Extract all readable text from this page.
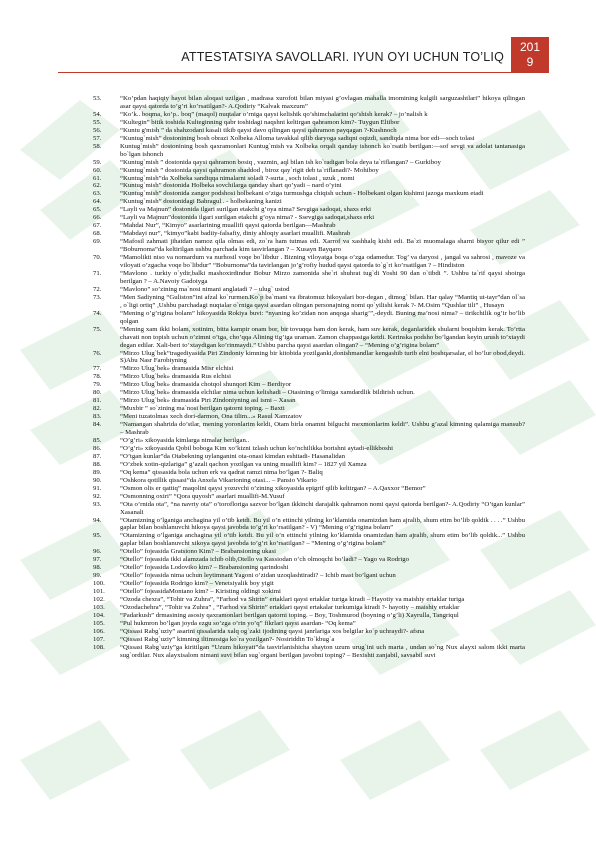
ATTESTATSIYA SAVOLLARI. IYUN OYI UCHUN TO’LIQ
201
9
53.	“Ko’pdan haqiqiy hayot bilan aloqasi uzilgan , madrasa xurofoti bilan miyasi g’ovlagan mahalla imomining kulgili sarguzashtlari” hikoya qilingan asar qaysi qatorda to’g’ri ko’rsatilgan?- A.Qodiriy “Kalvak maxzum”
54.	“Ko’k.. boqma, ko’p.. boq” (maqol) nuqtalar o’rniga qaysi kelishik qo’shimchalarini qo’shish kerak? – jo’nalish k
55.	“Kultegin” bitik toshida Kulteginning qabr toshidagi naqshni keltirgan qahramon kim?- Tuygun Eltibor
56.	“Kuntu g'mish ” da shahzodani kasali tikib qaysi davo qilingan qaysi qahramon payqagan ?-Kushnoch
57.	“Kuntug`mish” dostonining bosh obrazi Xolbeka Alloma tavakkal qilib daryoga sadiqni oqizdi, sandiqda nima bor edi—soch tolasi
58.	Kuntug`mish” dostonining bosh qaxramonlari Kuntug`mish va Xolbeka orqali qanday ishonch ko`rsatib berilgan:—sof sevgi va adolat tantanasiga bo`lgan ishonch
59.	“Kuntug`mish ” dostonida qaysi qahramon bosiq , vazmin, aql bilan ish ko`radigan bola deya ta`riflangan? – Gurkiboy
60.	“Kuntug`mish ” dostonida qaysi qahramon shaddod , biroz qay`rigit deb ta`riflanadi?- Mohiboy
61.	“Kuntug`mish”da Xolbeka sandiqqa nimalarni soladi ?-surta , soch tolasi , uzuk , nomi
62.	“Kuntug`mish” dostonida Holbeka sovchilarga qanday shart qo’yadi – nard o’yini
63.	“Kuntug`mish” dostonida zangor podshosi holbekani o’ziga turmushga chiqish uchun - Holbekani olgan kishimi jazoga maxkum etadi
64.	“Kuntug`mish” dostonidagi Bahragul . - holbekaning kanizi
65.	“Layli va Majnun” dostonida ilgari surilgan etakchi g’oya nima? Sevgiga sadoqat, shaxs erki
66.	“Layli va Majnun”dostonida ilgari surilgan etakchi g’oya nima? - Ssevgiga sadoqat,shaxs erki
67.	“Mahdai Nur”, “Kimyo” asarlarining muallifi qaysi qatorda berilgan—Mashrab
68.	“Mabdayi nur”, “kimyo”kabi badiiy-falsafiy, diniy ahloqiy asarlari muallifi. Mashrab
69.	“Mafosil zahmati jihatdan namoz qila olmas edi, zo`ra ham tutmas edi. Xarrof va xashhalq kishi edi. Ba`zi muomalaga sharni bisyor qilur edi ” “Boburnoma”da keltirilgan ushbu parchada kim tasvirlangan ? – Xusayn Bayqaro
70.	“Mamolikti niso va nomardum va nurhosil voqe bo`libdur . Bizning viloyatga boqa o’zga odamedur. Tog’ va daryosi , jangal va sahrosi , mavoze va viloyati o’zgacha voqe bo`libdur” “Boburnoma”da tavirlangan jo’g’rofiy hudud qaysi qatorda to`g`ri ko’rsatilgan ? – Hindiston
71.	“Mavlono . turkiy o`ydir,balki mashoxirdindur Bobur Mirzo zamonida she`ri shuhrat tug`di Yoshi 90 dan o`tibdi ”. Ushbu ta`rif qaysi shoirga berilgan ? – A.Navoiy Gadoiyga
72.	“Mavlono” so’zining ma`nosi nimani anglatadi ? – ulug` ustod
73.	“Men Sadiyning “Guliston”ini afzal ko`rurmen.Ko`p ba`mani va ibratomuz hikoyalari bor-degan , dimog` bilan. Har qalay “Mantiq ut-tayr”dan ol`sa , o`ligi ortiq” ,Ushbu parchadagi nuqtalar o`rniga qaysi asardan olingan personajning nomi qo`yilishi kerak ?- M.Osim “Qushlar tili” , Husayn
74.	“Mening o’g’rigina bolam” hikoyasida Rokiya buvi: “nyaning ko’zidan non anqoga sharig’”,-deydi. Buning ma’nosi nima? – tirikchilik og’ir bo’lib qolgan
75.	“Mening xam ikki bolam, xotinim, bitta kampir onam bor, bir tovuqqa ham don kerak, ham suv kerak, deganlaridek shularni boqishim kerak. To’rtta chavati non topish uchun o’zimni o’tga, cho’qqa Alining tig’iga uraman. Zamon chappasiga ketdi. Kerinska podsho bo’lgandan keyin urush to’xtaydi degan edilar. Xali-beri to’xtaydigan ko’rinmaydi.” Ushbu parcha qaysi asardan olingan? – “Mening o’g’rigina bolam”
76.	“Mirzo Ulug`bek”tragediyasida Piri Zindoniy kimning bir kitobida yozilganki,donishmandlar kengashib turib elni boshqarsalar, el bo’lur obod,deydi. S)Abu Nasr Farobiyning
77.	“Mirzo Ulug`bek» dramasida Misr elchisi
78.	“Mirzo Ulug`bek» dramasida Rus elchisi
79.	“Mirzo Ulug`bek» dramasida chotqol shunqori Kim – Berdiyor
80.	“Mirzo Ulug`bek» dramasida elchilar nima uchun kelishadi – Otasining o’limiga xamdardlik bildirish uchun.
81.	“Mirzo Ulug`bek» dramasida Piri Zindoniyning asl ismi – Xasan
82.	“Muxbir ” so`zining ma`nosi berilgan qatorni toping. – Baxti
83.	“Meni tuzatolmas xech dori-darmon, Ona tilim...» Rasul Xamzatov
84.	“Namangan shahrida do’stlar, mening yoronlarim keldi, Otam birla onamni bilguchi mexmonlarim keldi”. Ushbu g’azal kimning qalamiga mansub? – Mashrab
85.	“O’g’ri» xikoyasida kimlarga nimalar berilgan..
86.	“O’g’ri» xikoyasida Qobil boboga Kim xo’kizni izlash uchun ko’nchilikka borishni aytadi-ellikboshi
87.	“O’tgan kunlar”da Otabekning uylanganini ota-onasi kimdan eshitadi- Hasanalidan
88.	“O’zbek xotin-qizlariga” g’azali qachon yozilgan va uning muallifi kim? – 1827 yil Xamza
89.	“Oq kema” qissasida bola uchun erk va qadrat ramzi nima bo’lgan ?- Baliq
90.	“Oshkora qotillik qissasi”da Anxela Vikarioning otasi... – Pansio Vikario
91.	“Osmon olis er qattiq” maqolini qaysi yozuvchi o’zining xikoyasida epigrif qilib keltirgan? – A.Qaxxor “Bemor”
92.	“Osmonning oxiri” “Qora quyosh” asarlari muallifi-M.Yusuf
93.	“Ota o’rnida ota”, “na navriy ota” o’torofloriga sazvor bo’lgan ikkinchi darajalik qahramon nomi qaysi qatorda berilgan?- A.Qodiriy “O’tgan kunlar” Xasanali
94.	“Otamizning o’lganiga anchagina yil o’tib ketdi. Bu yil o’n ettinchi yilning ko’klamida onamizdan ham ajralib, shum etim bo’lib qoldik . . . .” Ushbu gaplar bilan boshlanuvchi hikoya qaysi javobda to’g’ri ko’rsatilgan? - V) “Mening o’g’rigina bolam”
95.	“Otamizning o’lganiga anchagina yil o’tib ketdi. Bu yil o’n ettinchi yilning ko’klamida onamizdan ham ajralib, shum etim bo’lib qoldik...” Ushbu gaplar bilan boshlanuvchi xikoya qaysi javobda to’g’ri ko’rsatilgan? – “Mening o’g’rigina bolam”
96.	“Otello” fojeasida Gratsiono Kim? – Brabansioning ukasi
97.	“Otello” fojeasida ikki alamzada ichib olib,Otello va Kassiodan o’ch olmoqchi bo’ladi? – Yago va Rodrigo
98.	“Otello” fojeasida Lodoviko kim? – Brabansioning qarindoshi
99.	“Otello” fojeasida nima uchun leytimnant Yagoni o’zidan uzoqlashtiradi? – Ichib mast bo’lgani uchun
100.	“Otello” fojeasida Rodrigo kim? – Venetsiyalik boy yigit
101.	“Otello” fojeasidaMontano kim? – Kiristing oldingi xokimi
102.	“Ozoda chexra”, “Tohir va Zuhra”, “Farhod va Shirin” ertaklari qaysi ertaklar turiga kiradi – Hayotiy va maishiy ertaklar turiga
103.	“Ozodachehra”, “Tohir va Zuhra” , “Farhod va Shirin” ertaklari qaysi ertakalar turkumiga kiradi ?- hayotiy – maishiy ertaklar
104.	“Padarkush” drmasining asosiy qaxramonlari berilgan qatorni toping. – Boy, Toshmurod (boyning o’g’li) Xayrulla, Tangriqul
105.	“Pul hukmron bo’lgan joyda ezgu so’zga o’rin yo’q” fikrlari qaysi asardan- “Oq kema”
106.	“Qissasi Rabg`uziy” asarini qissalarida xalq og`zaki ijodining qaysi janrlariga xos belgilar ko`p uchraydi?- afsna
107.	“Qissasi Rabg`uziy” kimning iltimosiga ko`ra yozilgan?- Nosiriddin To`kbug`a
108.	“Qissasi Rabg`uziy”ga kiritilgan “Uzum hikoyati”da tasvirlanishicha shayton uzum urug`ini uch marta , undan so`ng Nux alayxi salom ikki marta sug`ordilar. Nux alayxisalom nimani suvi bilan sug`organi berilgan javobni toping? – Bexishti zanjabil, savsabil suvi
